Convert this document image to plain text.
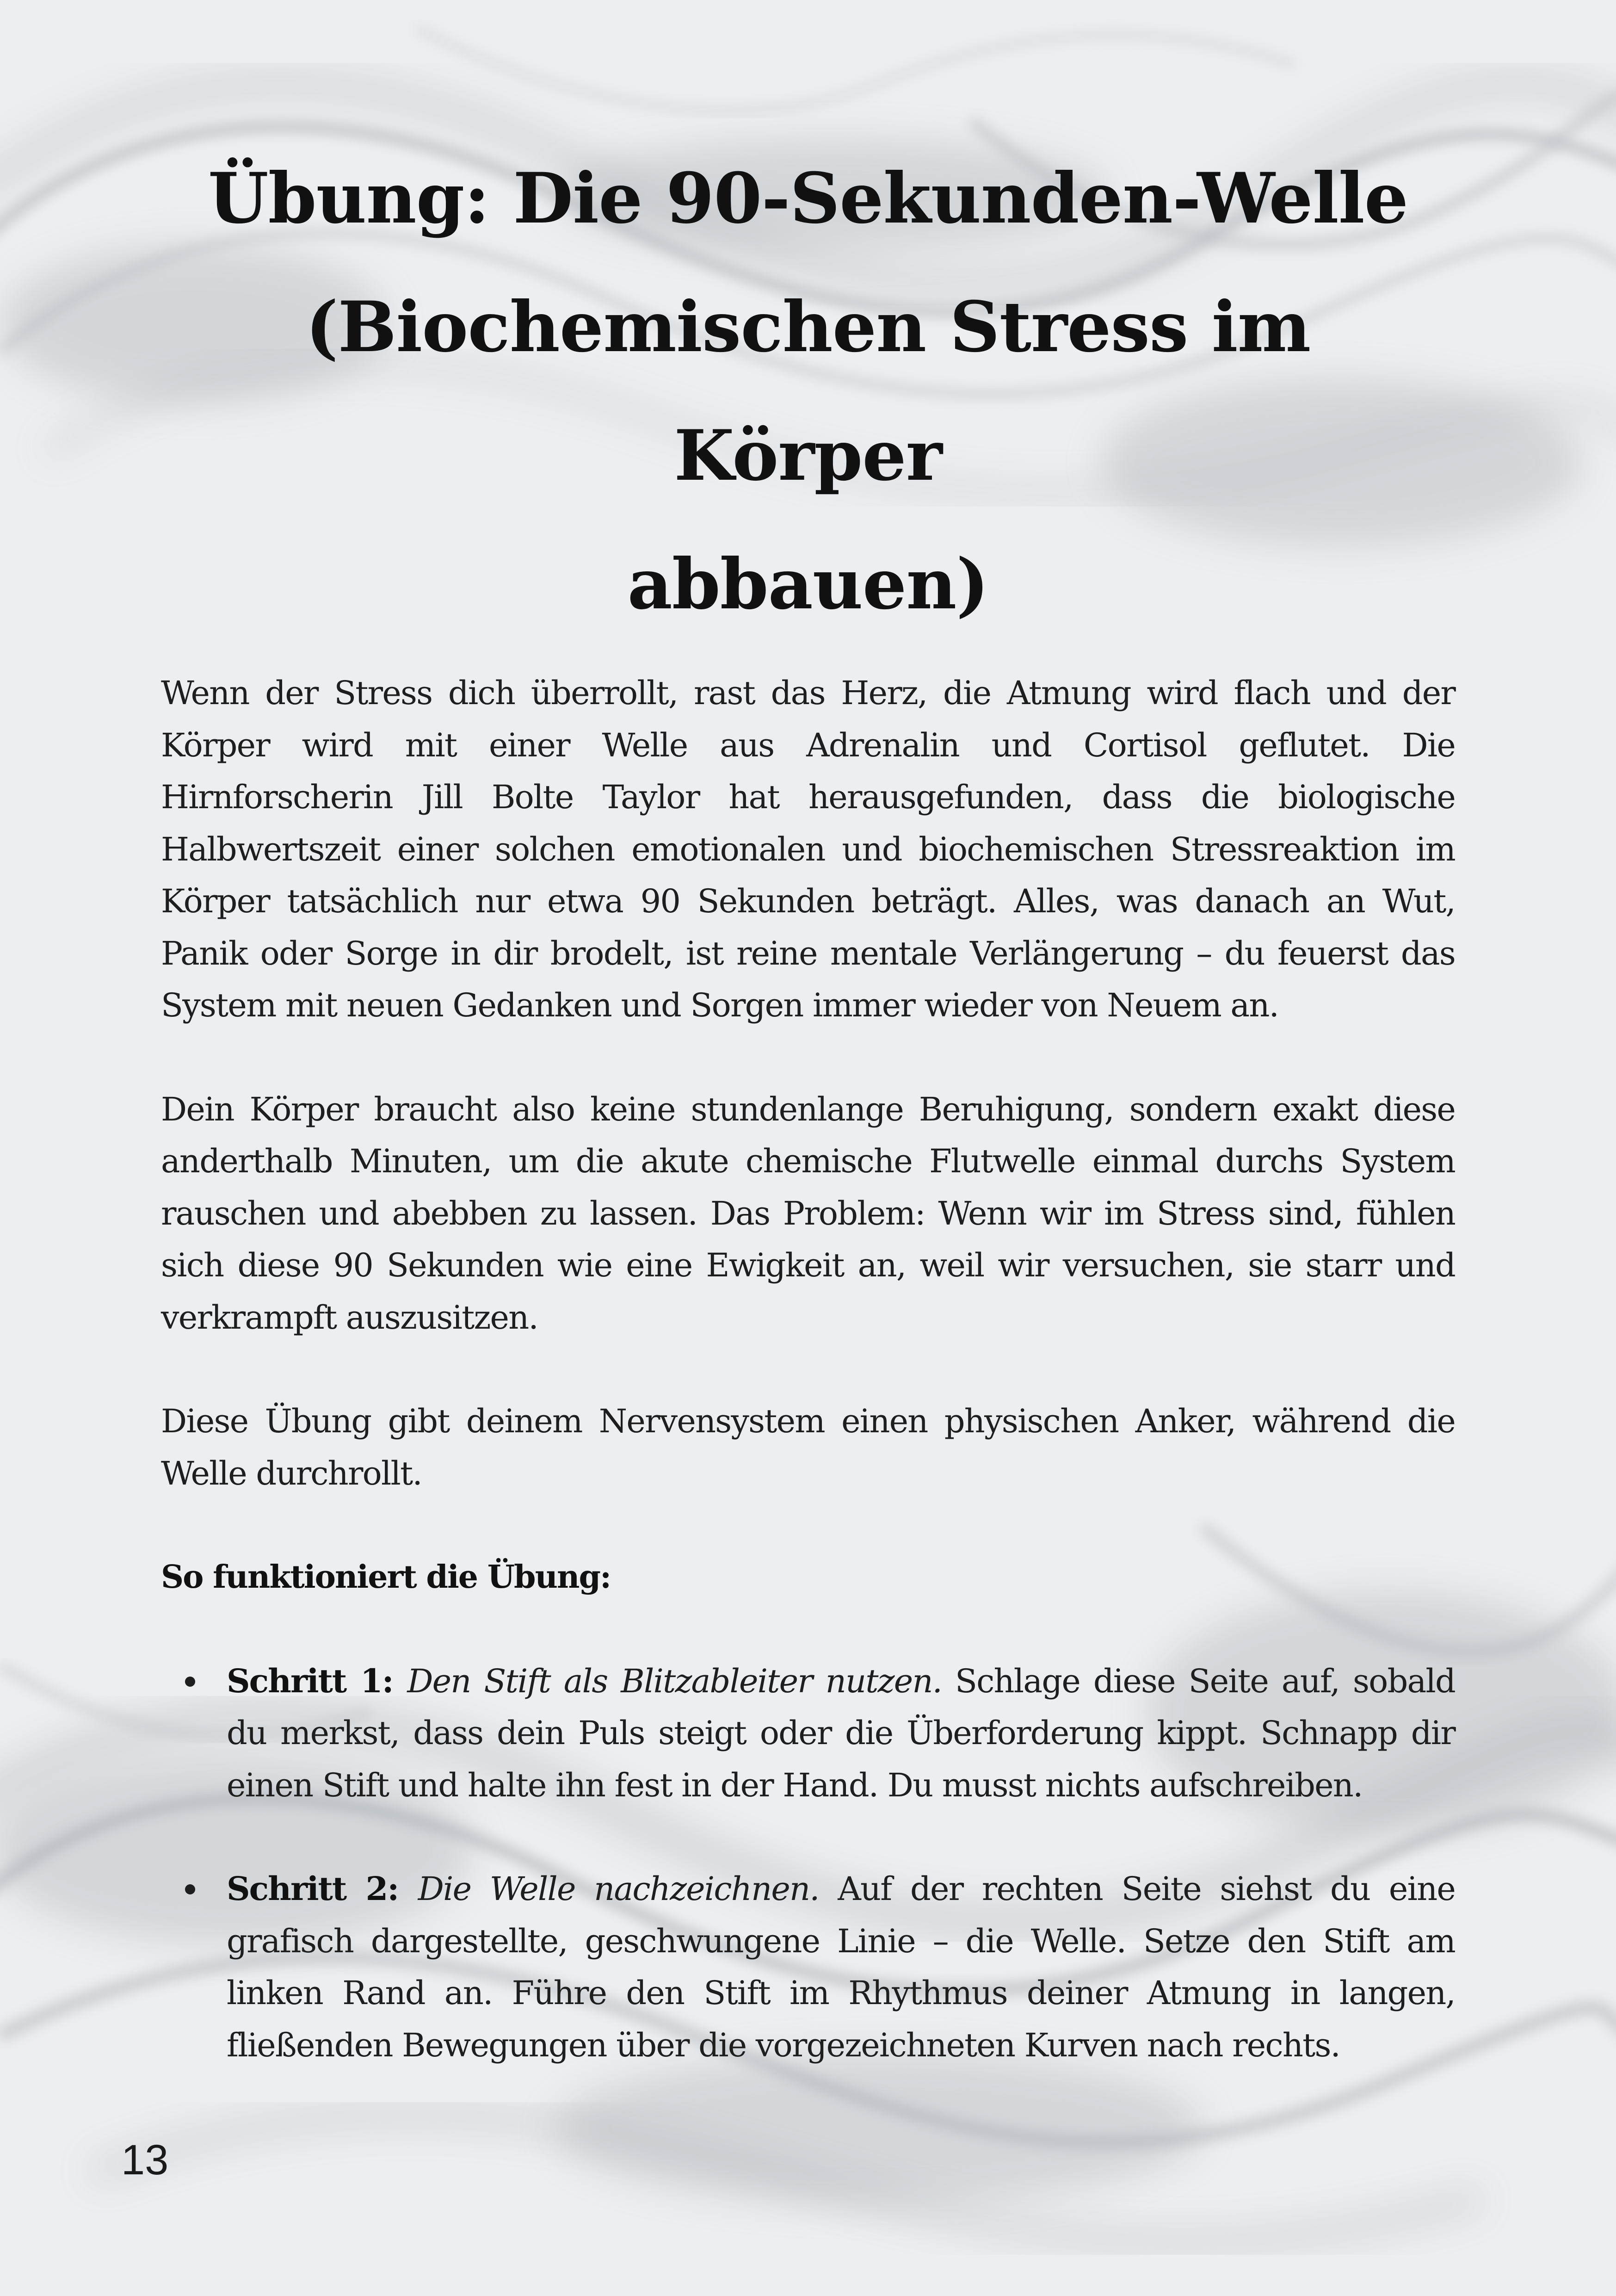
Übung: Die 90-Sekunden-Welle
(Biochemischen Stress im Körper
abbauen)

Wenn der Stress dich überrollt, rast das Herz, die Atmung wird flach und der Körper wird mit einer Welle aus Adrenalin und Cortisol geflutet. Die Hirnforscherin Jill Bolte Taylor hat herausgefunden, dass die biologische Halbwertszeit einer solchen emotionalen und biochemischen Stressreaktion im Körper tatsächlich nur etwa 90 Sekunden beträgt. Alles, was danach an Wut, Panik oder Sorge in dir brodelt, ist reine mentale Verlängerung – du feuerst das System mit neuen Gedanken und Sorgen immer wieder von Neuem an.

Dein Körper braucht also keine stundenlange Beruhigung, sondern exakt diese anderthalb Minuten, um die akute chemische Flutwelle einmal durchs System rauschen und abebben zu lassen. Das Problem: Wenn wir im Stress sind, fühlen sich diese 90 Sekunden wie eine Ewigkeit an, weil wir versuchen, sie starr und verkrampft auszusitzen.

Diese Übung gibt deinem Nervensystem einen physischen Anker, während die Welle durchrollt.

So funktioniert die Übung:

Schritt 1: Den Stift als Blitzableiter nutzen. Schlage diese Seite auf, sobald du merkst, dass dein Puls steigt oder die Überforderung kippt. Schnapp dir einen Stift und halte ihn fest in der Hand. Du musst nichts aufschreiben.
Schritt 2: Die Welle nachzeichnen. Auf der rechten Seite siehst du eine grafisch dargestellte, geschwungene Linie – die Welle. Setze den Stift am linken Rand an. Führe den Stift im Rhythmus deiner Atmung in langen, fließenden Bewegungen über die vorgezeichneten Kurven nach rechts.
13
